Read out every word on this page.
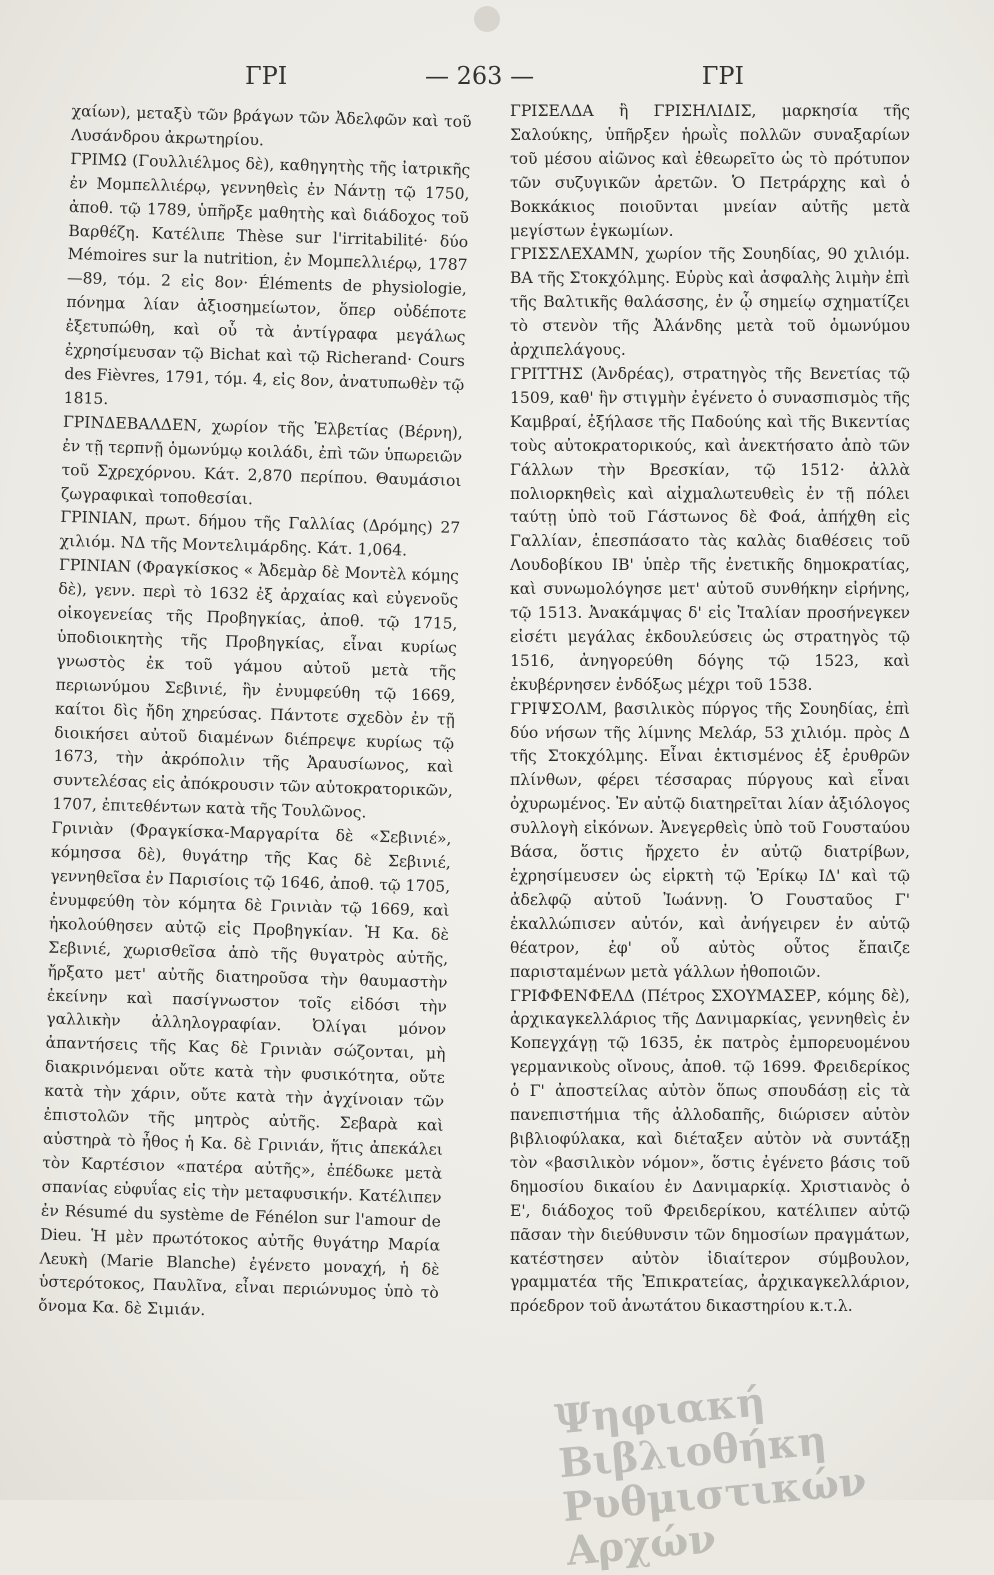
ΓΡΙ	— 263 —	ΓΡΙ

χαίων), μεταξὺ τῶν βράγων τῶν Ἀδελφῶν καὶ τοῦ Λυσάνδρου ἀκρωτηρίου.

ΓΡΙΜΩ (Γουλλιέλμος δὲ), καθηγητὴς τῆς ἰατρικῆς ἐν Μομπελλιέρῳ, γεννηθεὶς ἐν Νάντῃ τῷ 1750, ἀποθ. τῷ 1789, ὑπῆρξε μαθητὴς καὶ διάδοχος τοῦ Βαρθέζη. Κατέλιπε Thèse sur l'irritabilité· δύο Mémoires sur la nutrition, ἐν Μομπελλιέρῳ, 1787—89, τόμ. 2 εἰς 8ον· Éléments de physiologie, πόνημα λίαν ἀξιοσημείωτον, ὅπερ οὐδέποτε ἐξετυπώθη, καὶ οὗ τὰ ἀντίγραφα μεγάλως ἐχρησίμευσαν τῷ Bichat καὶ τῷ Richerand· Cours des Fièvres, 1791, τόμ. 4, εἰς 8ον, ἀνατυπωθὲν τῷ 1815.

ΓΡΙΝΔΕΒΑΛΔΕΝ, χωρίον τῆς Ἑλβετίας (Βέρνη), ἐν τῇ τερπνῇ ὁμωνύμῳ κοιλάδι, ἐπὶ τῶν ὑπωρειῶν τοῦ Σχρεχόρνου. Κάτ. 2,870 περίπου. Θαυμάσιοι ζωγραφικαὶ τοποθεσίαι.

ΓΡΙΝΙΑΝ, πρωτ. δήμου τῆς Γαλλίας (Δρόμης) 27 χιλιόμ. ΝΔ τῆς Μοντελιμάρδης. Κάτ. 1,064.

ΓΡΙΝΙΑΝ (Φραγκίσκος « Ἀδεμὰρ δὲ Μοντὲλ κόμης δὲ), γενν. περὶ τὸ 1632 ἐξ ἀρχαίας καὶ εὐγενοῦς οἰκογενείας τῆς Προβηγκίας, ἀποθ. τῷ 1715, ὑποδιοικητὴς τῆς Προβηγκίας, εἶναι κυρίως γνωστὸς ἐκ τοῦ γάμου αὐτοῦ μετὰ τῆς περιωνύμου Σεβινιέ, ἣν ἐνυμφεύθη τῷ 1669, καίτοι δὶς ἤδη χηρεύσας. Πάντοτε σχεδὸν ἐν τῇ διοικήσει αὐτοῦ διαμένων διέπρεψε κυρίως τῷ 1673, τὴν ἀκρόπολιν τῆς Ἀραυσίωνος, καὶ συντελέσας εἰς ἀπόκρουσιν τῶν αὐτοκρατορικῶν, 1707, ἐπιτεθέντων κατὰ τῆς Τουλῶνος.

Γρινιὰν (Φραγκίσκα-Μαργαρίτα δὲ «Σεβινιέ», κόμησσα δὲ), θυγάτηρ τῆς Κας δὲ Σεβινιέ, γεννηθεῖσα ἐν Παρισίοις τῷ 1646, ἀποθ. τῷ 1705, ἐνυμφεύθη τὸν κόμητα δὲ Γρινιὰν τῷ 1669, καὶ ἠκολούθησεν αὐτῷ εἰς Προβηγκίαν. Ἡ Κα. δὲ Σεβινιέ, χωρισθεῖσα ἀπὸ τῆς θυγατρὸς αὐτῆς, ἤρξατο μετ' αὐτῆς διατηροῦσα τὴν θαυμαστὴν ἐκείνην καὶ πασίγνωστον τοῖς εἰδόσι τὴν γαλλικὴν ἀλληλογραφίαν. Ὀλίγαι μόνον ἀπαντήσεις τῆς Κας δὲ Γρινιὰν σώζονται, μὴ διακρινόμεναι οὔτε κατὰ τὴν φυσικότητα, οὔτε κατὰ τὴν χάριν, οὔτε κατὰ τὴν ἀγχίνοιαν τῶν ἐπιστολῶν τῆς μητρὸς αὐτῆς. Σεβαρὰ καὶ αὐστηρὰ τὸ ἦθος ἡ Κα. δὲ Γρινιάν, ἥτις ἀπεκάλει τὸν Καρτέσιον «πατέρα αὐτῆς», ἐπέδωκε μετὰ σπανίας εὐφυΐας εἰς τὴν μεταφυσικήν. Κατέλιπεν ἐν Résumé du système de Fénélon sur l'amour de Dieu. Ἡ μὲν πρωτότοκος αὐτῆς θυγάτηρ Μαρία Λευκὴ (Marie Blanche) ἐγένετο μοναχή, ἡ δὲ ὑστερότοκος, Παυλῖνα, εἶναι περιώνυμος ὑπὸ τὸ ὄνομα Κα. δὲ Σιμιάν.

ΓΡΙΣΕΛΔΑ ἢ ΓΡΙΣΗΛΙΔΙΣ, μαρκησία τῆς Σαλούκης, ὑπῆρξεν ἡρωῒς πολλῶν συναξαρίων τοῦ μέσου αἰῶνος καὶ ἐθεωρεῖτο ὡς τὸ πρότυπον τῶν συζυγικῶν ἀρετῶν. Ὁ Πετράρχης καὶ ὁ Βοκκάκιος ποιοῦνται μνείαν αὐτῆς μετὰ μεγίστων ἐγκωμίων.

ΓΡΙΣΣΛΕΧΑΜΝ, χωρίον τῆς Σουηδίας, 90 χιλιόμ. ΒΑ τῆς Στοκχόλμης. Εὐρὺς καὶ ἀσφαλὴς λιμὴν ἐπὶ τῆς Βαλτικῆς θαλάσσης, ἐν ᾧ σημείῳ σχηματίζει τὸ στενὸν τῆς Ἀλάνδης μετὰ τοῦ ὁμωνύμου ἀρχιπελάγους.

ΓΡΙΤΤΗΣ (Ἀνδρέας), στρατηγὸς τῆς Βενετίας τῷ 1509, καθ' ἣν στιγμὴν ἐγένετο ὁ συνασπισμὸς τῆς Καμβραί, ἐξήλασε τῆς Παδούης καὶ τῆς Βικεντίας τοὺς αὐτοκρατορικούς, καὶ ἀνεκτήσατο ἀπὸ τῶν Γάλλων τὴν Βρεσκίαν, τῷ 1512· ἀλλὰ πολιορκηθεὶς καὶ αἰχμαλωτευθεὶς ἐν τῇ πόλει ταύτῃ ὑπὸ τοῦ Γάστωνος δὲ Φοά, ἀπήχθη εἰς Γαλλίαν, ἐπεσπάσατο τὰς καλὰς διαθέσεις τοῦ Λουδοβίκου ΙΒ' ὑπὲρ τῆς ἐνετικῆς δημοκρατίας, καὶ συνωμολόγησε μετ' αὐτοῦ συνθήκην εἰρήνης, τῷ 1513. Ἀνακάμψας δ' εἰς Ἰταλίαν προσήνεγκεν εἰσέτι μεγάλας ἐκδουλεύσεις ὡς στρατηγὸς τῷ 1516, ἀνηγορεύθη δόγης τῷ 1523, καὶ ἐκυβέρνησεν ἐνδόξως μέχρι τοῦ 1538.

ΓΡΙΨΣΟΛΜ, βασιλικὸς πύργος τῆς Σουηδίας, ἐπὶ δύο νήσων τῆς λίμνης Μελάρ, 53 χιλιόμ. πρὸς Δ τῆς Στοκχόλμης. Εἶναι ἐκτισμένος ἐξ ἐρυθρῶν πλίνθων, φέρει τέσσαρας πύργους καὶ εἶναι ὀχυρωμένος. Ἐν αὐτῷ διατηρεῖται λίαν ἀξιόλογος συλλογὴ εἰκόνων. Ἀνεγερθεὶς ὑπὸ τοῦ Γουσταύου Βάσα, ὅστις ἤρχετο ἐν αὐτῷ διατρίβων, ἐχρησίμευσεν ὡς εἱρκτὴ τῷ Ἐρίκῳ ΙΔ' καὶ τῷ ἀδελφῷ αὐτοῦ Ἰωάννῃ. Ὁ Γουσταῦος Γ' ἐκαλλώπισεν αὐτόν, καὶ ἀνήγειρεν ἐν αὐτῷ θέατρον, ἐφ' οὗ αὐτὸς οὗτος ἔπαιζε παρισταμένων μετὰ γάλλων ἠθοποιῶν.

ΓΡΙΦΦΕΝΦΕΛΔ (Πέτρος ΣΧΟΥΜΑΣΕΡ, κόμης δὲ), ἀρχικαγκελλάριος τῆς Δανιμαρκίας, γεννηθεὶς ἐν Κοπεγχάγῃ τῷ 1635, ἐκ πατρὸς ἐμπορευομένου γερμανικοὺς οἴνους, ἀποθ. τῷ 1699. Φρειδερίκος ὁ Γ' ἀποστείλας αὐτὸν ὅπως σπουδάσῃ εἰς τὰ πανεπιστήμια τῆς ἀλλοδαπῆς, διώρισεν αὐτὸν βιβλιοφύλακα, καὶ διέταξεν αὐτὸν νὰ συντάξῃ τὸν «βασιλικὸν νόμον», ὅστις ἐγένετο βάσις τοῦ δημοσίου δικαίου ἐν Δανιμαρκίᾳ. Χριστιανὸς ὁ Ε', διάδοχος τοῦ Φρειδερίκου, κατέλιπεν αὐτῷ πᾶσαν τὴν διεύθυνσιν τῶν δημοσίων πραγμάτων, κατέστησεν αὐτὸν ἰδιαίτερον σύμβουλον, γραμματέα τῆς Ἐπικρατείας, ἀρχικαγκελλάριον, πρόεδρον τοῦ ἀνωτάτου δικαστηρίου κ.τ.λ.

Ψηφιακή Βιβλιοθήκη Ρυθμιστικών Αρχών
